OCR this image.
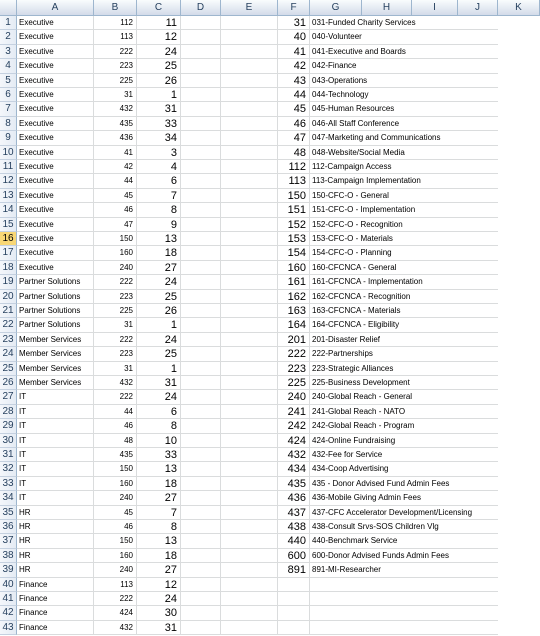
A	B	C	D	E	F	G	H	I	J	K
1	Executive	112	11	31 031-Funded Charity Services
2	Executive	113	12	40 040-Volunteer
3	Executive	222	24	41 041-Executive and Boards
4	Executive	223	25	42 042-Finance
5	Executive	225	26	43 043-Operations
6	Executive	31	1	44 044-Technology
7	Executive	432	31	45 045-Human Resources
8	Executive	435	33	46 046-All Staff Conference
9	Executive	436	34	47 047-Marketing and Communications
10 Executive	41	3	48 048-Website/Social Media
11 Executive	42	4	112 112-Campaign Access
12 Executive	44	6	113 113-Campaign Implementation
13 Executive	45	7	150 150-CFC-O - General
14 Executive	46	8	151 151-CFC-O - Implementation
15 Executive	47	9	152 152-CFC-O - Recognition
16 Executive	150	13	153 153-CFC-O - Materials
17 Executive	160	18	154 154-CFC-O - Planning
18 Executive	240	27	160 160-CFCNCA - General
19 Partner Solutions	222	24	161 161-CFCNCA - Implementation
20 Partner Solutions	223	25	162 162-CFCNCA - Recognition
21 Partner Solutions	225	26	163 163-CFCNCA - Materials
22 Partner Solutions	31	1	164 164-CFCNCA - Eligibility
23 Member Services	222	24	201 201-Disaster Relief
24 Member Services	223	25	222 222-Partnerships
25 Member Services	31	1	223 223-Strategic Alliances
26 Member Services	432	31	225 225-Business Development
27 IT	222	24	240 240-Global Reach - General
28 IT	44	6	241 241-Global Reach - NATO
29 IT	46	8	242 242-Global Reach - Program
30 IT	48	10	424 424-Online Fundraising
31 IT	435	33	432 432-Fee for Service
32 IT	150	13	434 434-Coop Advertising
33 IT	160	18	435 435 - Donor Advised Fund Admin Fees
34 IT	240	27	436 436-Mobile Giving Admin Fees
35 HR	45	7	437 437-CFC Accelerator Development/Licensing
36 HR	46	8	438 438-Consult Srvs-SOS Children Vlg
37 HR	150	13	440 440-Benchmark Service
38 HR	160	18	600 600-Donor Advised Funds Admin Fees
39 HR	240	27	891 891-MI-Researcher
40 Finance	113	12
41 Finance	222	24
42 Finance	424	30
43 Finance	432	31
